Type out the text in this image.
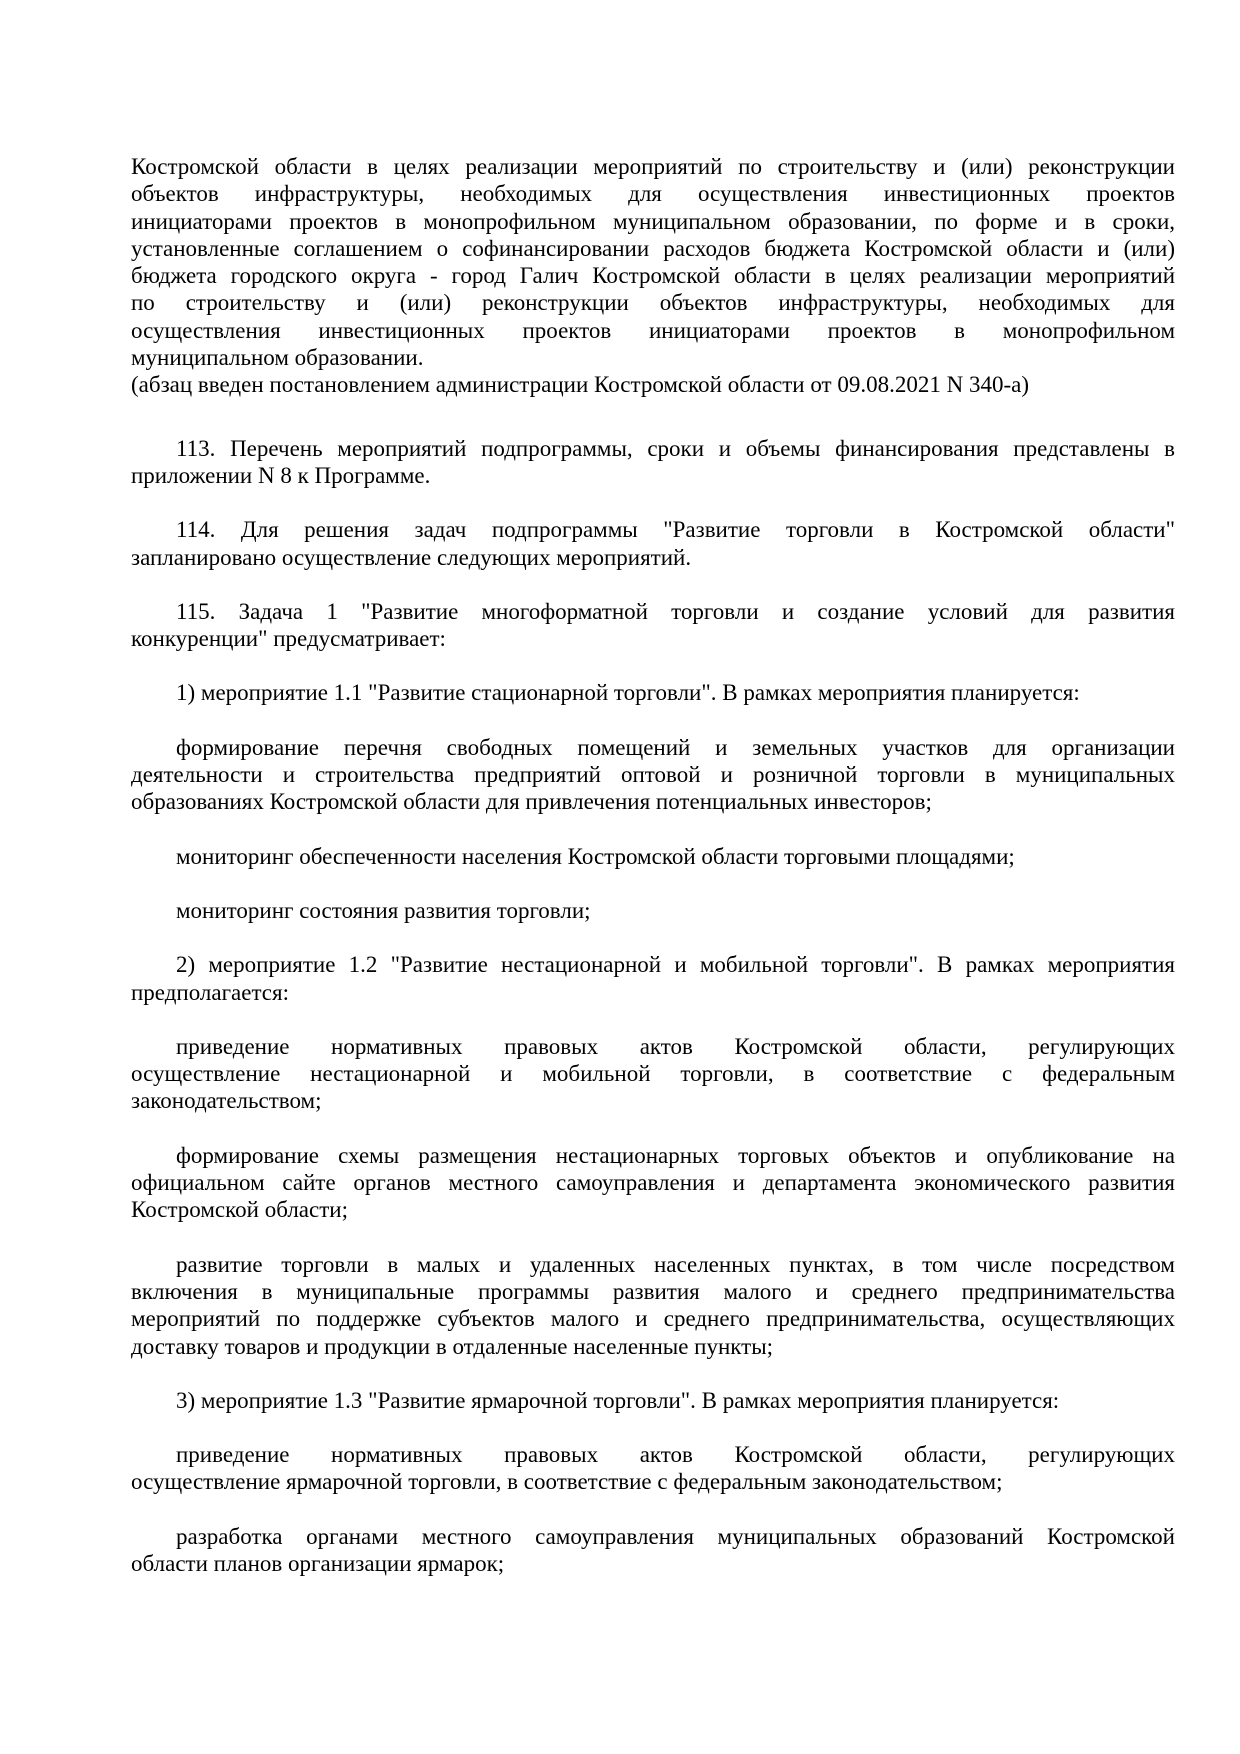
Костромской области в целях реализации мероприятий по строительству и (или) реконструкции
объектов инфраструктуры, необходимых для осуществления инвестиционных проектов
инициаторами проектов в монопрофильном муниципальном образовании, по форме и в сроки,
установленные соглашением о софинансировании расходов бюджета Костромской области и (или)
бюджета городского округа - город Галич Костромской области в целях реализации мероприятий
по строительству и (или) реконструкции объектов инфраструктуры, необходимых для
осуществления инвестиционных проектов инициаторами проектов в монопрофильном
муниципальном образовании.
(абзац введен постановлением администрации Костромской области от 09.08.2021 N 340-а)
113. Перечень мероприятий подпрограммы, сроки и объемы финансирования представлены в
приложении N 8 к Программе.
114. Для решения задач подпрограммы "Развитие торговли в Костромской области"
запланировано осуществление следующих мероприятий.
115. Задача 1 "Развитие многоформатной торговли и создание условий для развития
конкуренции" предусматривает:
1) мероприятие 1.1 "Развитие стационарной торговли". В рамках мероприятия планируется:
формирование перечня свободных помещений и земельных участков для организации
деятельности и строительства предприятий оптовой и розничной торговли в муниципальных
образованиях Костромской области для привлечения потенциальных инвесторов;
мониторинг обеспеченности населения Костромской области торговыми площадями;
мониторинг состояния развития торговли;
2) мероприятие 1.2 "Развитие нестационарной и мобильной торговли". В рамках мероприятия
предполагается:
приведение нормативных правовых актов Костромской области, регулирующих
осуществление нестационарной и мобильной торговли, в соответствие с федеральным
законодательством;
формирование схемы размещения нестационарных торговых объектов и опубликование на
официальном сайте органов местного самоуправления и департамента экономического развития
Костромской области;
развитие торговли в малых и удаленных населенных пунктах, в том числе посредством
включения в муниципальные программы развития малого и среднего предпринимательства
мероприятий по поддержке субъектов малого и среднего предпринимательства, осуществляющих
доставку товаров и продукции в отдаленные населенные пункты;
3) мероприятие 1.3 "Развитие ярмарочной торговли". В рамках мероприятия планируется:
приведение нормативных правовых актов Костромской области, регулирующих
осуществление ярмарочной торговли, в соответствие с федеральным законодательством;
разработка органами местного самоуправления муниципальных образований Костромской
области планов организации ярмарок;
